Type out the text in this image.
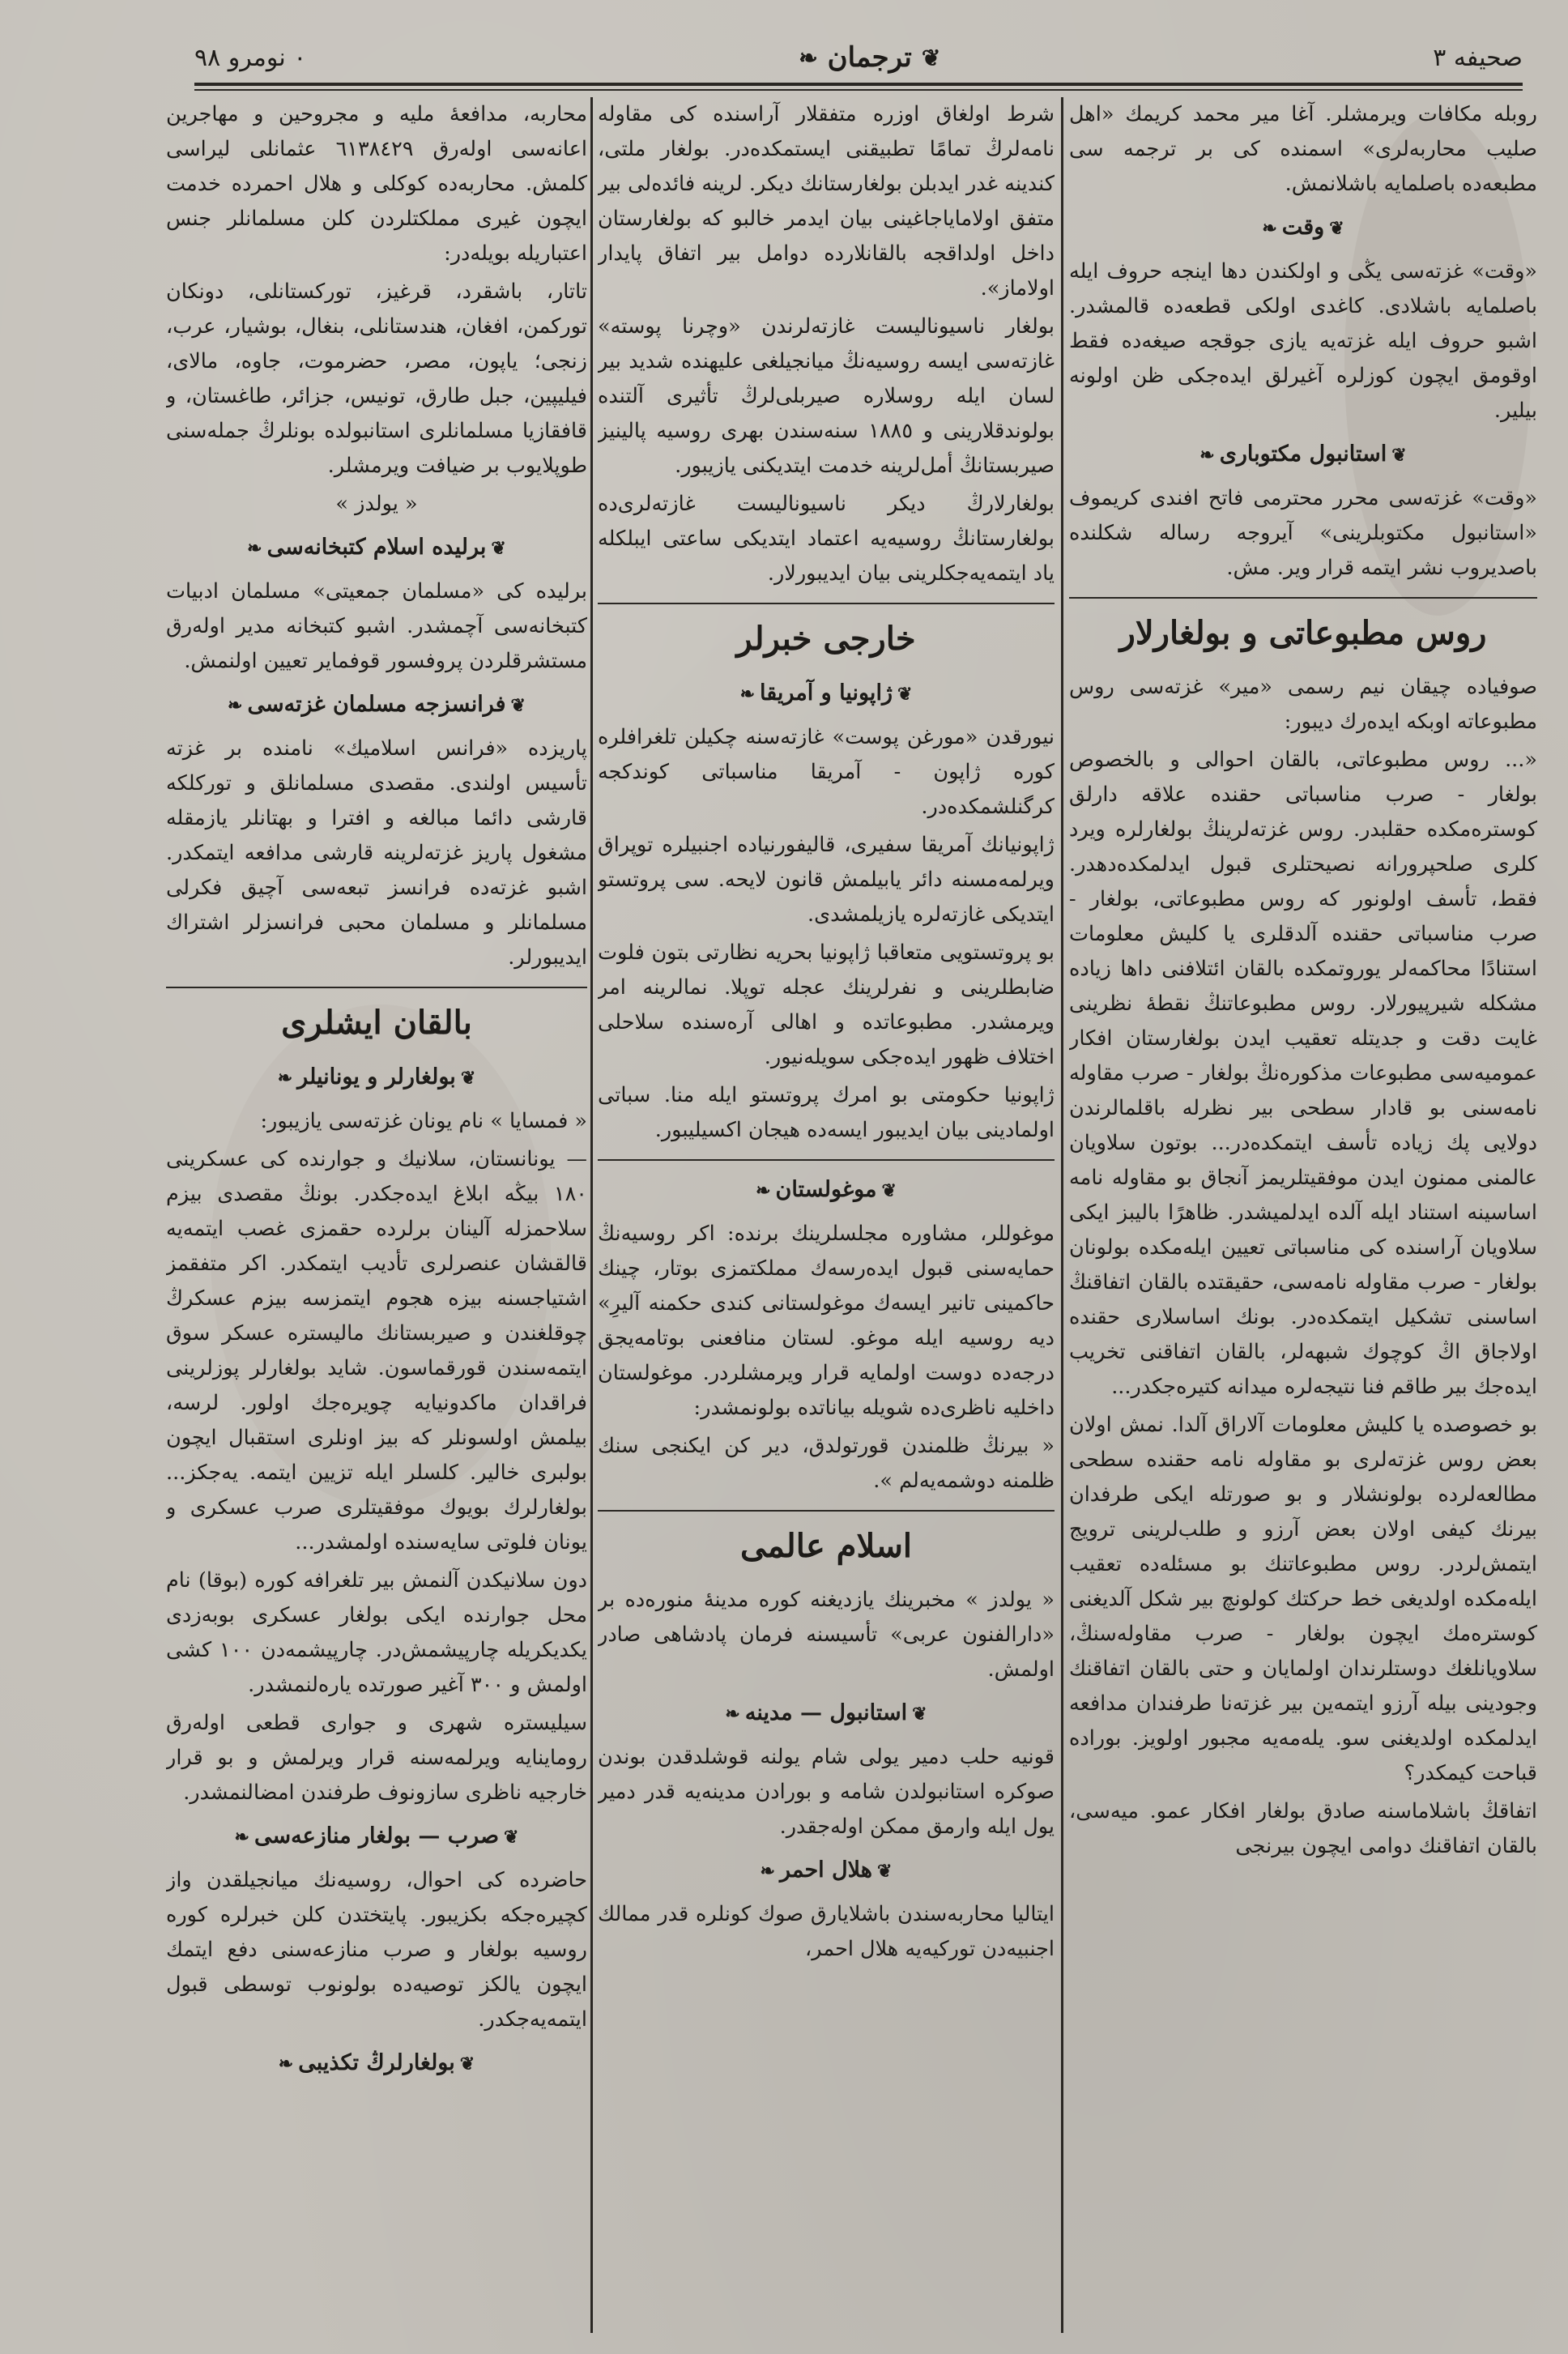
صحيفه ٣
❦
ترجمان
❧
٠ نومرو ٩٨

روبله مكافات ويرمشلر. آغا مير محمد كريمك «اهل صليب محاربه‌لرى» اسمنده كى بر ترجمه سى مطبعه‌ده باصلمايه باشلانمش.

❦وقت❧

«وقت» غزته‌سى يڭى و اولكندن دها اينجه حروف ايله باصلمايه باشلادى. كاغدى اولكى قطعه‌ده قالمشدر. اشبو حروف ايله غزته‌يه يازى جوقجه صيغه‌ده فقط اوقومق ايچون كوزلره آغيرلق ايده‌جكى ظن اولونه بيلير.

❦استانبول مكتوبارى❧

«وقت» غزته‌سى محرر محترمى فاتح افندى كريموف «استانبول مكتوبلرينى» آيروجه رساله شكلنده باصديروب نشر ايتمه قرار وير. مش.

روس مطبوعاتى و بولغارلار

صوفياده چيقان نيم رسمى «مير» غزته‌سى روس مطبوعاته اوبكه ايده‌رك ديبور:

«... روس مطبوعاتى، بالقان احوالى و بالخصوص بولغار - صرب مناسباتى حقنده علاقه دارلق كوستره‌مكده حقلبدر. روس غزته‌لرينڭ بولغارلره ويرد كلرى صلحپرورانه نصيحتلرى قبول ايدلمكده‌دهدر. فقط، تأسف اولونور كه روس مطبوعاتى، بولغار - صرب مناسباتى حقنده آلدقلرى يا كليش معلومات استنادًا محاكمه‌لر يوروتمكده بالقان ائتلافنى داها زياده مشكله شيرپيورلار. روس مطبوعاتنڭ نقطهٔ نظرينى غايت دقت و جديتله تعقيب ايدن بولغارستان افكار عموميه‌سى مطبوعات مذكوره‌نڭ بولغار - صرب مقاوله نامه‌سنى بو قادار سطحى بير نظرله باقلمالرندن دولايى پك زياده تأسف ايتمكده‌در... بوتون سلاويان عالمنى ممنون ايدن موفقيتلريمز آنجاق بو مقاوله نامه اساسينه استناد ايله آلده ايدلميشدر. ظاهرًا باليبز ايكى سلاويان آراسنده كى مناسباتى تعيين ايله‌مكده بولونان بولغار - صرب مقاوله نامه‌سى، حقيقتده بالقان اتفاقنڭ اساسنى تشكيل ايتمكده‌در. بونك اساسلارى حقنده اولاجاق اڭ كوچوك شبهه‌لر، بالقان اتفاقنى تخريب ايده‌جك بير طاقم فنا نتيجه‌لره ميدانه كتيره‌جكدر...

بو خصوصده يا كليش معلومات آلاراق آلدا. نمش اولان بعض روس غزته‌لرى بو مقاوله نامه حقنده سطحى مطالعه‌لرده بولونشلار و بو صورتله ايكى طرفدان بيرنك كيفى اولان بعض آرزو و طلب‌لرينى ترويج ايتمش‌لردر. روس مطبوعاتنك بو مسئله‌ده تعقيب ايله‌مكده اولديغى خط حركتك كولونچ بير شكل آلديغنى كوستره‌مك ايچون بولغار - صرب مقاوله‌سنڭ، سلاويانلغك دوستلرندان اولمايان و حتى بالقان اتفاقنك وجودينى بيله آرزو ايتمه‌ين بير غزته‌نا طرفندان مدافعه ايدلمكده‌ اولديغنى سو. يله‌مه‌يه مجبور اولويز. بوراده قباحت كيمكدر؟

اتفاقڭ باشلاماسنه صادق بولغار افكار عمو. ميه‌سى، بالقان اتفاقنك دوامى ايچون بيرنجى

شرط اولغاق اوزره متفقلار آراسنده كى مقاوله نامه‌لرڭ تمامًا تطبيقنى ايستمكده‌در. بولغار ملتى، كندينه غدر ايدبلن بولغارستانك ديكر. لرينه فائده‌لى بير متفق اولاماياجاغينى بيان ايدمر خالبو كه بولغارستان داخل اولداقجه بالقانلارده دوامل بير اتفاق پايدار اولاماز».

بولغار ناسيوناليست غازته‌لرندن «وچرنا پوسته» غازته‌سى ايسه روسيه‌نڭ ميانجيلغى عليهنده شديد بير لسان ايله روسلاره صيربلى‌لرڭ تأثيرى آلتنده بولوندقلارينى و ١٨٨٥ سنه‌سندن بهرى روسيه پالينيز صيربستانڭ أمل‌لرينه خدمت ايتديكنى يازيبور.

بولغارلارڭ ديكر ناسيوناليست غازته‌لرى‌ده بولغارستانڭ روسيه‌يه اعتماد ايتديكى ساعتى ايبلكله ياد ايتمه‌يه‌جكلرينى بيان ايديبورلار.

خارجى خبرلر
❦ژاپونيا و آمريقا❧

نيورقدن «مورغن پوست» غازته‌سنه چكيلن تلغرافلره كوره ژاپون - آمريقا مناسباتى كوندكجه كرگنلشمكده‌در.

ژاپونيانك آمريقا سفيرى، قاليفورنياده اجنبيلره توپراق ويرلمه‌مسنه دائر يابيلمش قانون لايحه. سى پروتستو ايتديكى غازته‌لره يازيلمشدى.

بو پروتستويى متعاقبا ژاپونيا بحريه نظارتى بتون فلوت ضابطلرينى و نفرلرينك عجله توپلا. نمالرينه امر ويرمشدر. مطبوعاتده و اهالى آره‌سنده سلاحلى اختلاف ظهور ايده‌جكى سويله‌نيور.

ژاپونيا حكومتى بو امرك پروتستو ايله منا. سباتى اولمادينى بيان ايديبور ايسه‌ده هيجان اكسيليبور.

❦موغولستان❧

موغوللر، مشاوره مجلسلرينك برنده: اكر روسيه‌نڭ حمايه‌سنى قبول ايده‌رسه‌ك مملكتمزى بوتار، چينك حاكمينى تانير ايسه‌ك موغولستانى كندى حكمنه آليرِ» ديه روسيه ايله موغو. لستان منافعنى بوتامه‌يجق درجه‌ده دوست اولمايه قرار ويرمشلردر. موغولستان داخليه ناظرى‌ده شويله بياناتده بولونمشدر:

« بيرنڭ ظلمندن قورتولدق، دير كن ايكنجى سنك ظلمنه دوشمه‌يه‌لم ».

اسلام عالمى

« يولدز » مخبرينك يازديغنه كوره مدينهٔ منوره‌ده بر «دارالفنون عربى» تأسيسنه فرمان پادشاهى صادر اولمش.

❦استانبول — مدينه❧

قونيه حلب دمير يولى شام يولنه قوشلدقدن بوندن صوكره استانبولدن شامه و بورادن مدينه‌يه قدر دمير يول ايله وارمق ممكن اوله‌جقدر.

❦هلال احمر❧

ايتاليا محاربه‌سندن باشلايارق صوك كونلره قدر ممالك اجنبيه‌دن توركيه‌يه هلال احمر،

محاربه، مدافعهٔ مليه و مجروحين و مهاجرين اعانه‌سى اولەرق ٦١٣٨٤٢٩ عثمانلى ليراسى كلمش. محاربه‌ده كوكلى و هلال احمرده خدمت ايچون غيرى مملكتلردن كلن مسلمانلر جنس اعتباريله بويله‌در:

تاتار، باشقرد، قرغيز، توركستانلى، دونكان توركمن، افغان، هندستانلى، بنغال، بوشيار، عرب، زنجى؛ ياپون، مصر، حضرموت، جاوه، مالاى، فيليپين، جبل طارق، تونيس، جزائر، طاغستان، و قافقازيا مسلمانلرى استانبولده بونلرڭ جمله‌سنى طوپلايوب بر ضيافت ويرمشلر.

« يولدز »

❦برليده اسلام كتبخانه‌سى❧

برليده كى «مسلمان جمعيتى» مسلمان ادبيات كتبخانه‌سى آچمشدر. اشبو كتبخانه مدير اولەرق مستشرقلردن پروفسور قوفماير تعيين اولنمش.

❦فرانسزجه مسلمان غزته‌سى❧

پاريزده «فرانس اسلاميك» نامنده بر غزته تأسيس اولندى. مقصدى مسلمانلق و توركلكه قارشى دائما مبالغه و افترا و بهتانلر يازمقله مشغول پاريز غزته‌لرينه قارشى مدافعه ايتمكدر. اشبو غزته‌ده فرانسز تبعه‌سى آچيق فكرلى مسلمانلر و مسلمان محبى فرانسزلر اشتراك ايديبورلر.

بالقان ايشلرى
❦بولغارلر و يونانيلر❧

« فمسايا » نام يونان غزته‌سى يازيبور:

— يونانستان، سلانيك و جوارنده كى عسكرينى ١٨٠ بيڭه ابلاغ ايده‌جكدر. بونڭ مقصدى بيزم سلاحمزله آلينان برلرده حقمزى غصب ايتمه‌يه قالقشان عنصرلرى تأديب ايتمكدر. اكر متفقمز اشتياجسنه بيزه هجوم ايتمزسه بيزم عسكرڭ چوقلغندن و صيربستانك ماليستره عسكر سوق ايتمه‌سندن قورقماسون. شايد بولغارلر پوزلرينى فراقدان ماكدونيايه چويره‌جك اولور. لرسه، بيلمش اولسونلر كه بيز اونلرى استقبال ايچون بولبرى خالير. كلسلر ايله تزيين ايتمه. يه‌جكز... بولغارلرك بويوك موفقيتلرى صرب عسكرى و يونان فلوتى سايه‌سنده اولمشدر...

دون سلانيكدن آلنمش بير تلغرافه كوره (بوقا) نام محل جوارنده ايكى بولغار عسكرى بوبه‌زدى يكديكريله چارپيشمش‌در. چارپيشمه‌دن ١٠٠ كشى اولمش و ٣٠٠ آغير صورتده يارەلنمشدر.

سيليستره شهرى و جوارى قطعى اولەرق روماينايه ويرلمه‌سنه قرار ويرلمش و بو قرار خارجيه ناظرى سازونوف طرفندن امضالنمشدر.

❦صرب — بولغار منازعه‌سى❧

حاضرده كى احوال، روسيه‌نك ميانجيلقدن واز كچيره‌جكه بكزيبور. پايتختدن كلن خبرلره كوره روسيه بولغار و صرب منازعه‌سنى دفع ايتمك ايچون يالكز توصيه‌ده بولونوب توسطى قبول ايتمه‌يه‌جكدر.

❦بولغارلرڭ تكذيبى❧
